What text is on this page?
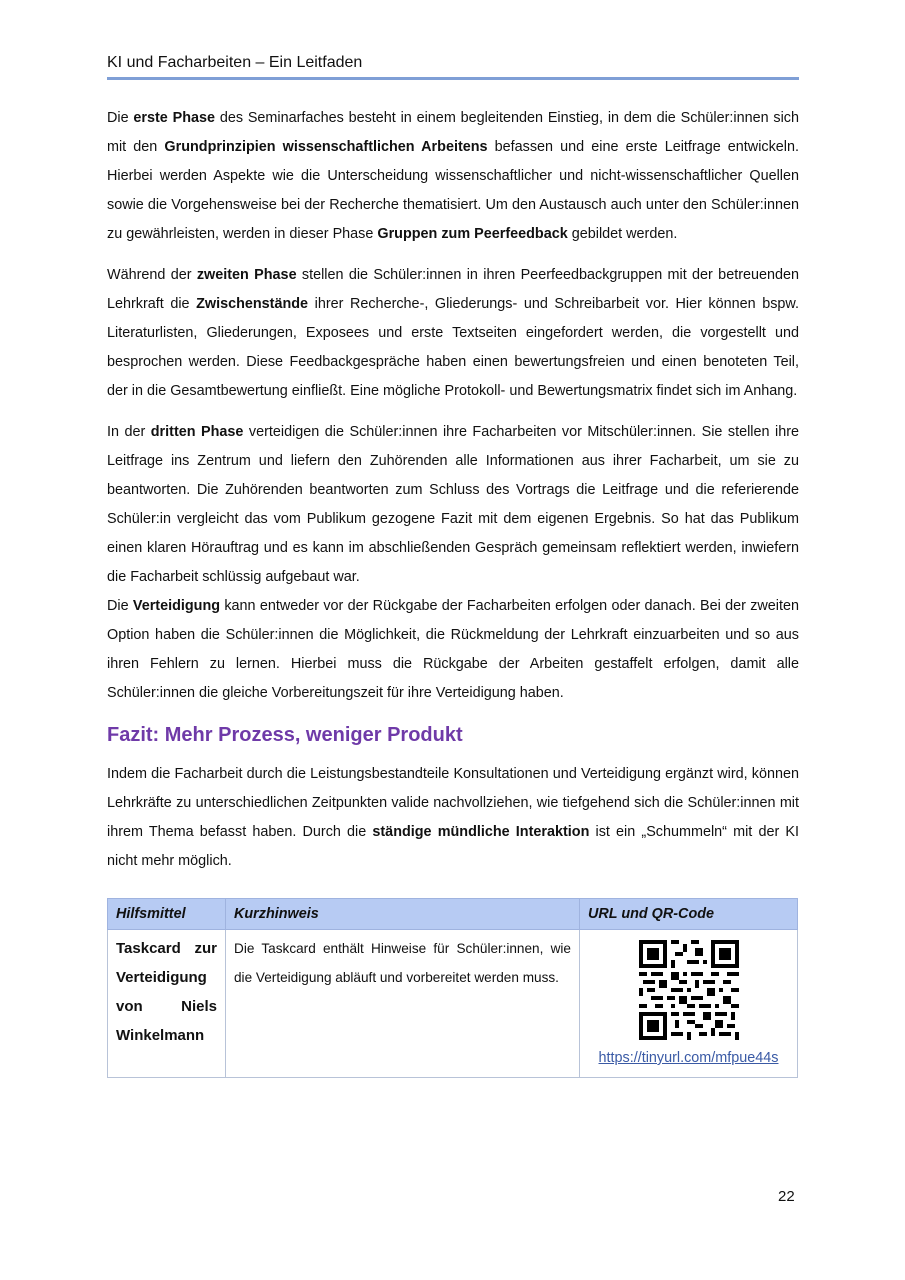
KI und Facharbeiten – Ein Leitfaden

Die erste Phase des Seminarfaches besteht in einem begleitenden Einstieg, in dem die Schüler:innen sich mit den Grundprinzipien wissenschaftlichen Arbeitens befassen und eine erste Leitfrage entwickeln. Hierbei werden Aspekte wie die Unterscheidung wissenschaftlicher und nicht-wissenschaftlicher Quellen sowie die Vorgehensweise bei der Recherche thematisiert. Um den Austausch auch unter den Schüler:innen zu gewährleisten, werden in dieser Phase Gruppen zum Peerfeedback gebildet werden.

Während der zweiten Phase stellen die Schüler:innen in ihren Peerfeedbackgruppen mit der betreuenden Lehrkraft die Zwischenstände ihrer Recherche-, Gliederungs- und Schreibarbeit vor. Hier können bspw. Literaturlisten, Gliederungen, Exposees und erste Textseiten eingefordert werden, die vorgestellt und besprochen werden. Diese Feedbackgespräche haben einen bewertungsfreien und einen benoteten Teil, der in die Gesamtbewertung einfließt. Eine mögliche Protokoll- und Bewertungsmatrix findet sich im Anhang.

In der dritten Phase verteidigen die Schüler:innen ihre Facharbeiten vor Mitschüler:innen. Sie stellen ihre Leitfrage ins Zentrum und liefern den Zuhörenden alle Informationen aus ihrer Facharbeit, um sie zu beantworten. Die Zuhörenden beantworten zum Schluss des Vortrags die Leitfrage und die referierende Schüler:in vergleicht das vom Publikum gezogene Fazit mit dem eigenen Ergebnis. So hat das Publikum einen klaren Hörauftrag und es kann im abschließenden Gespräch gemeinsam reflektiert werden, inwiefern die Facharbeit schlüssig aufgebaut war.

Die Verteidigung kann entweder vor der Rückgabe der Facharbeiten erfolgen oder danach. Bei der zweiten Option haben die Schüler:innen die Möglichkeit, die Rückmeldung der Lehrkraft einzuarbeiten und so aus ihren Fehlern zu lernen. Hierbei muss die Rückgabe der Arbeiten gestaffelt erfolgen, damit alle Schüler:innen die gleiche Vorbereitungszeit für ihre Verteidigung haben.

Fazit: Mehr Prozess, weniger Produkt

Indem die Facharbeit durch die Leistungsbestandteile Konsultationen und Verteidigung ergänzt wird, können Lehrkräfte zu unterschiedlichen Zeitpunkten valide nachvollziehen, wie tiefgehend sich die Schüler:innen mit ihrem Thema befasst haben. Durch die ständige mündliche Interaktion ist ein „Schummeln“ mit der KI nicht mehr möglich.

Hilfsmittel	Kurzhinweis	URL und QR-Code
Taskcard zur Verteidigung von Niels Winkelmann	Die Taskcard enthält Hinweise für Schüler:innen, wie die Verteidigung abläuft und vorbereitet werden muss.	https://tinyurl.com/mfpue44s
22
